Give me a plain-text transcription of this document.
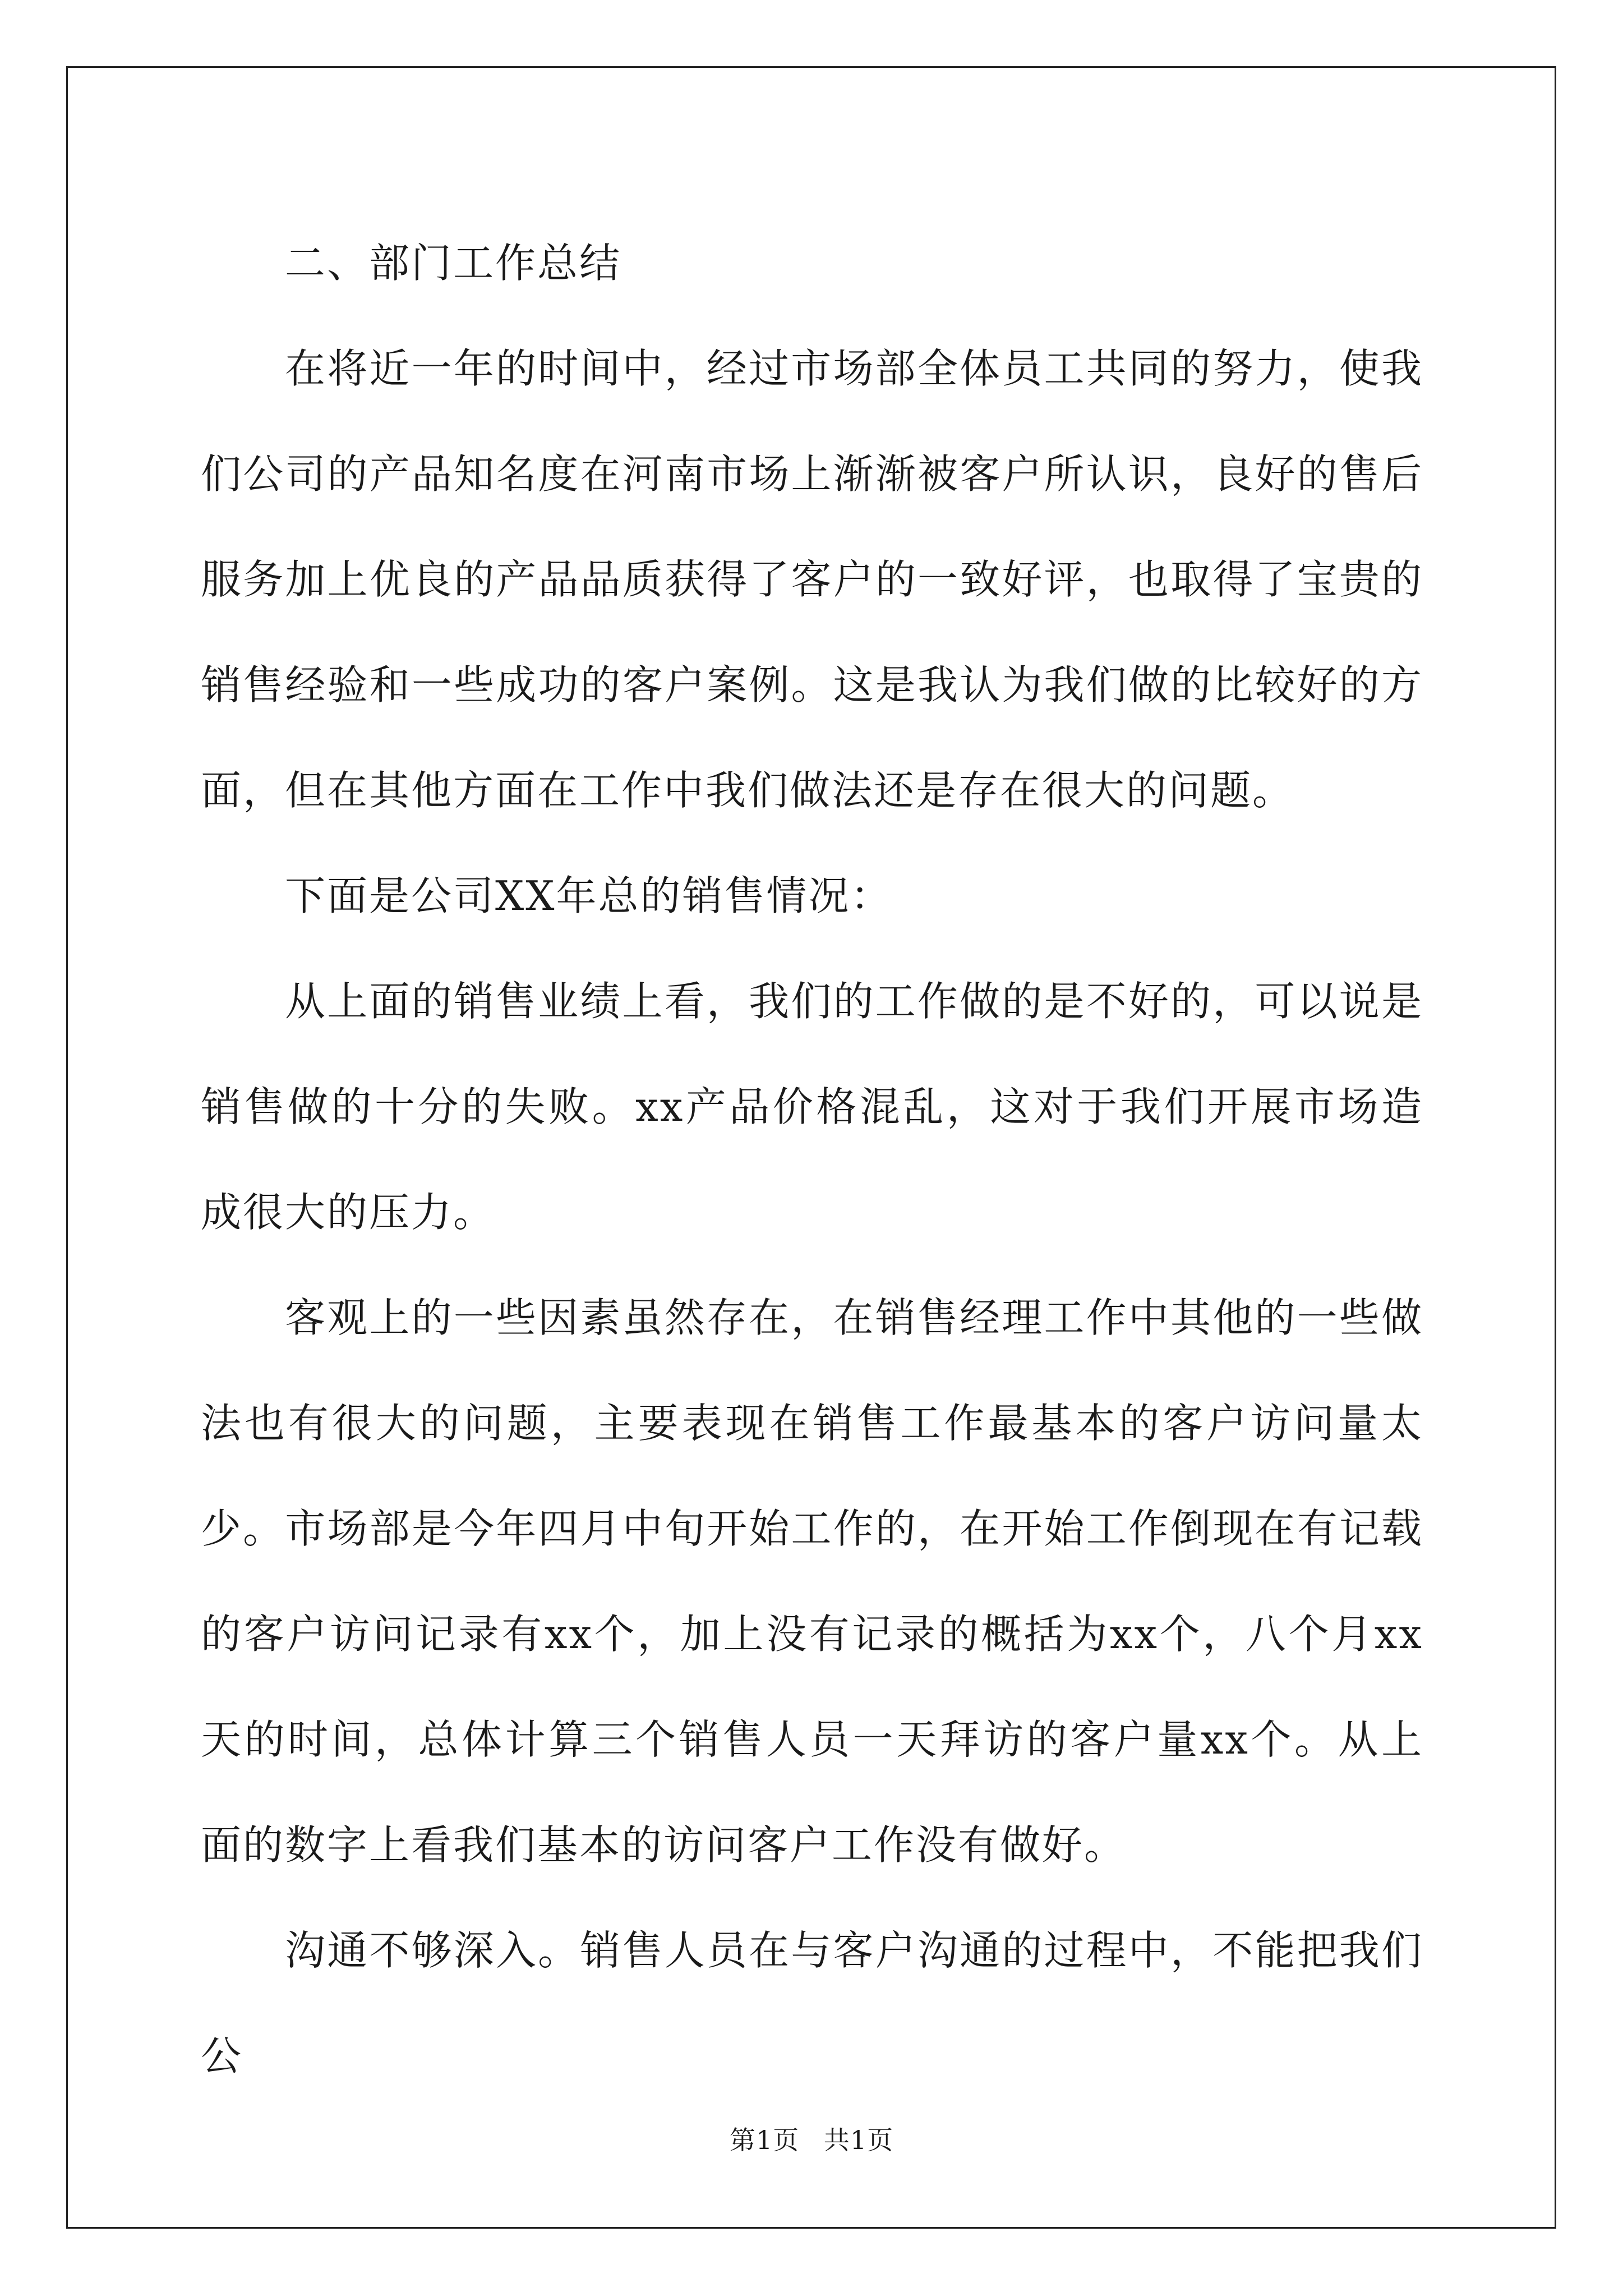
二、部门工作总结

在将近一年的时间中，经过市场部全体员工共同的努力，使我们公司的产品知名度在河南市场上渐渐被客户所认识，良好的售后服务加上优良的产品品质获得了客户的一致好评，也取得了宝贵的销售经验和一些成功的客户案例。这是我认为我们做的比较好的方面，但在其他方面在工作中我们做法还是存在很大的问题。

下面是公司XX年总的销售情况：

从上面的销售业绩上看，我们的工作做的是不好的，可以说是销售做的十分的失败。xx产品价格混乱，这对于我们开展市场造成很大的压力。

客观上的一些因素虽然存在，在销售经理工作中其他的一些做法也有很大的问题，主要表现在销售工作最基本的客户访问量太少。市场部是今年四月中旬开始工作的，在开始工作倒现在有记载的客户访问记录有xx个，加上没有记录的概括为xx个，八个月xx天的时间，总体计算三个销售人员一天拜访的客户量xx个。从上面的数字上看我们基本的访问客户工作没有做好。

沟通不够深入。销售人员在与客户沟通的过程中，不能把我们公

第1页 共1页
